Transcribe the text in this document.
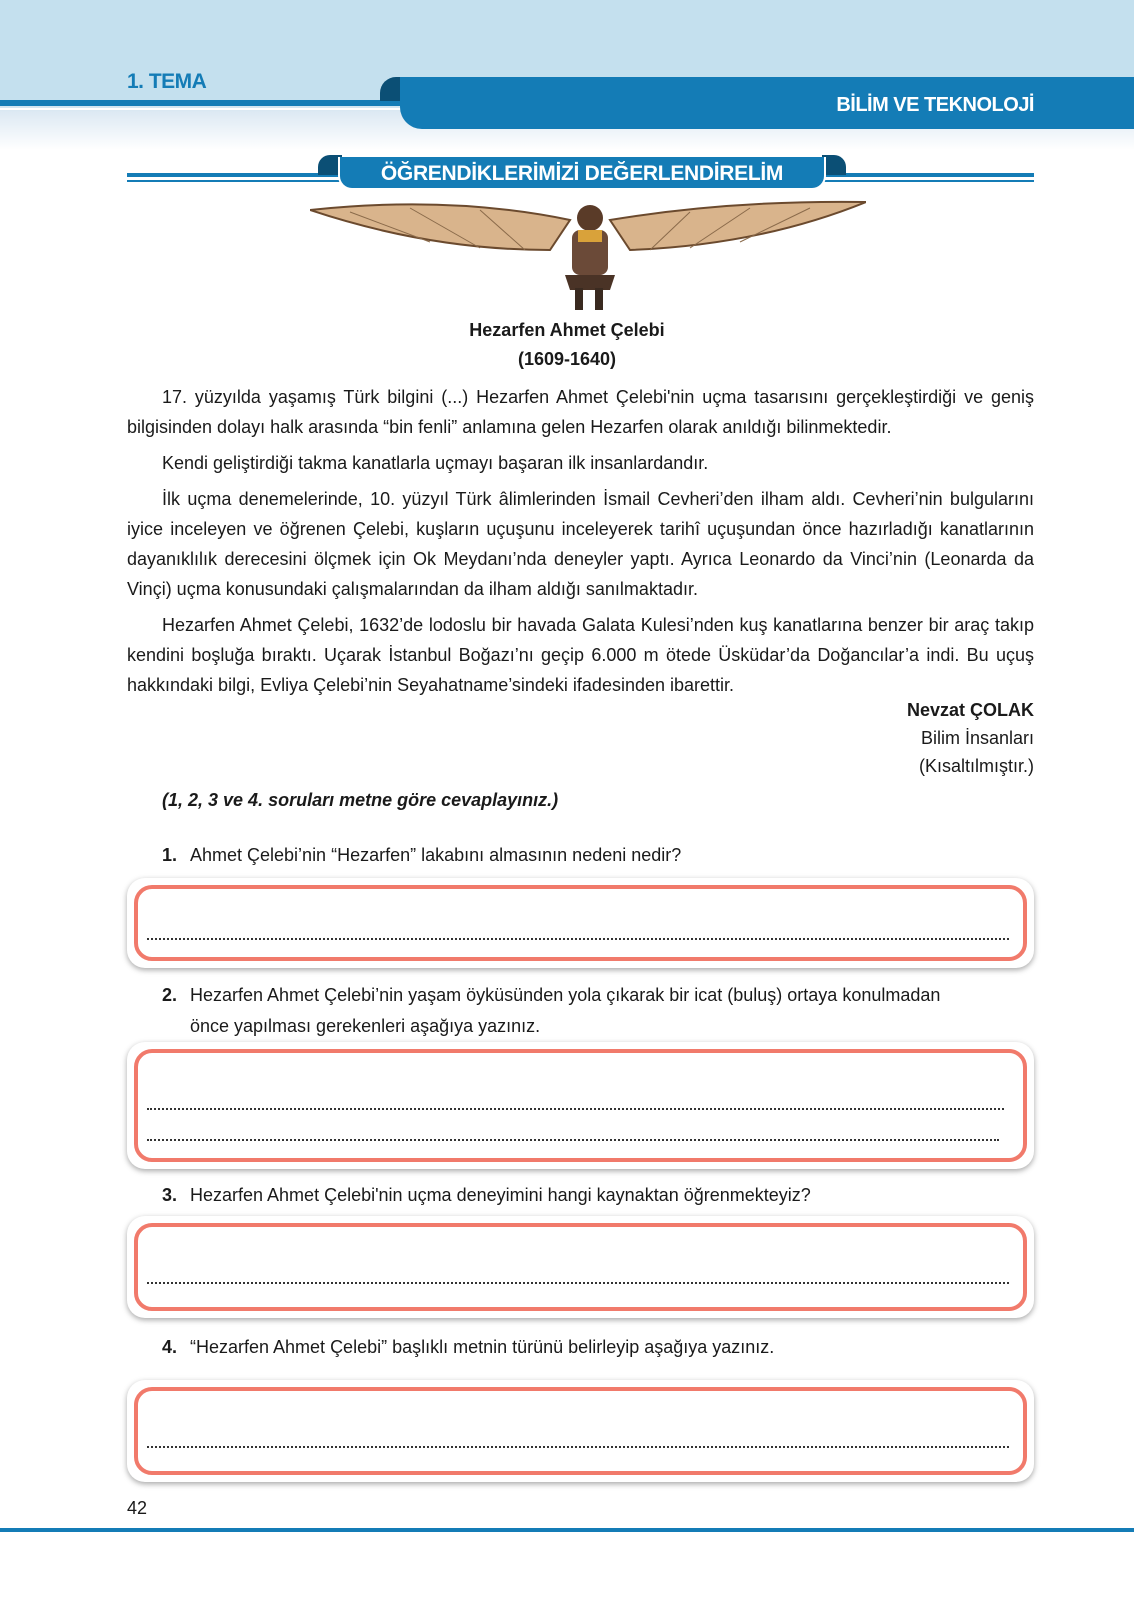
1. TEMA
BİLİM VE TEKNOLOJİ
ÖĞRENDİKLERİMİZİ DEĞERLENDİRELİM
Hezarfen Ahmet Çelebi
(1609-1640)

17. yüzyılda yaşamış Türk bilgini (...) Hezarfen Ahmet Çelebi'nin uçma tasarısını gerçekleştirdiği ve geniş bilgisinden dolayı halk arasında “bin fenli” anlamına gelen Hezarfen olarak anıldığı bilinmektedir.

Kendi geliştirdiği takma kanatlarla uçmayı başaran ilk insanlardandır.

İlk uçma denemelerinde, 10. yüzyıl Türk âlimlerinden İsmail Cevheri’den ilham aldı. Cevheri’nin bulgularını iyice inceleyen ve öğrenen Çelebi, kuşların uçuşunu inceleyerek tarihî uçuşundan önce hazırladığı kanatlarının dayanıklılık derecesini ölçmek için Ok Meydanı’nda deneyler yaptı. Ayrıca Leonardo da Vinci’nin (Leonarda da Vinçi) uçma konusundaki çalışmalarından da ilham aldığı sanılmaktadır.

Hezarfen Ahmet Çelebi, 1632’de lodoslu bir havada Galata Kulesi’nden kuş kanatlarına benzer bir araç takıp kendini boşluğa bıraktı. Uçarak İstanbul Boğazı’nı geçip 6.000 m ötede Üsküdar’da Doğancılar’a indi. Bu uçuş hakkındaki bilgi, Evliya Çelebi’nin Seyahatname’sindeki ifadesinden ibarettir.

Nevzat ÇOLAK
Bilim İnsanları
(Kısaltılmıştır.)
(1, 2, 3 ve 4. soruları metne göre cevaplayınız.)
1. Ahmet Çelebi’nin “Hezarfen” lakabını almasının nedeni nedir?
2. Hezarfen Ahmet Çelebi’nin yaşam öyküsünden yola çıkarak bir icat (buluş) ortaya konulmadan
önce yapılması gerekenleri aşağıya yazınız.
3. Hezarfen Ahmet Çelebi'nin uçma deneyimini hangi kaynaktan öğrenmekteyiz?
4. “Hezarfen Ahmet Çelebi” başlıklı metnin türünü belirleyip aşağıya yazınız.
42
